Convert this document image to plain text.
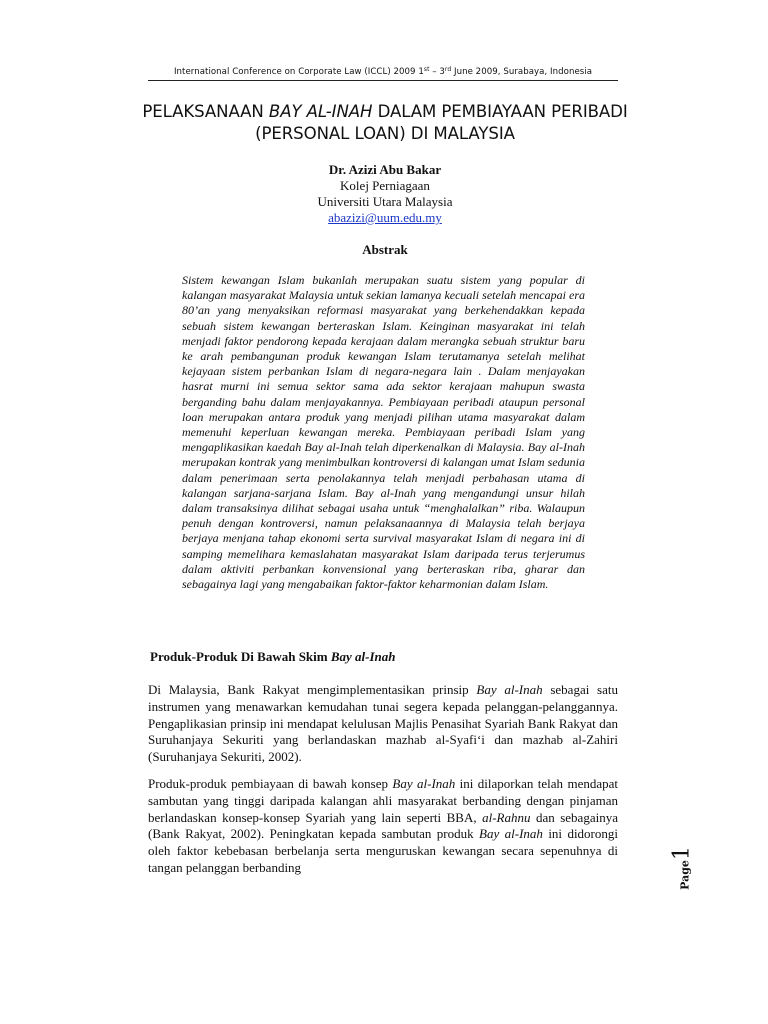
International Conference on Corporate Law (ICCL) 2009 1st – 3rd June 2009, Surabaya, Indonesia
PELAKSANAAN BAY AL-INAH DALAM PEMBIAYAAN PERIBADI (PERSONAL LOAN) DI MALAYSIA
Dr. Azizi Abu Bakar
Kolej Perniagaan
Universiti Utara Malaysia
abazizi@uum.edu.my
Abstrak
Sistem kewangan Islam bukanlah merupakan suatu sistem yang popular di kalangan masyarakat Malaysia untuk sekian lamanya kecuali setelah mencapai era 80’an yang menyaksikan reformasi masyarakat yang berkehendakkan kepada sebuah sistem kewangan berteraskan Islam. Keinginan masyarakat ini telah menjadi faktor pendorong kepada kerajaan dalam merangka sebuah struktur baru ke arah pembangunan produk kewangan Islam terutamanya setelah melihat kejayaan sistem perbankan Islam di negara-negara lain . Dalam menjayakan hasrat murni ini semua sektor sama ada sektor kerajaan mahupun swasta berganding bahu dalam menjayakannya. Pembiayaan peribadi ataupun personal loan merupakan antara produk yang menjadi pilihan utama masyarakat dalam memenuhi keperluan kewangan mereka. Pembiayaan peribadi Islam yang mengaplikasikan kaedah Bay al-Inah telah diperkenalkan di Malaysia. Bay al-Inah merupakan kontrak yang menimbulkan kontroversi di kalangan umat Islam sedunia dalam penerimaan serta penolakannya telah menjadi perbahasan utama di kalangan sarjana-sarjana Islam. Bay al-Inah yang mengandungi unsur hilah dalam transaksinya dilihat sebagai usaha untuk “menghalalkan” riba. Walaupun penuh dengan kontroversi, namun pelaksanaannya di Malaysia telah berjaya berjaya menjana tahap ekonomi serta survival masyarakat Islam di negara ini di samping memelihara kemaslahatan masyarakat Islam daripada terus terjerumus dalam aktiviti perbankan konvensional yang berteraskan riba, gharar dan sebagainya lagi yang mengabaikan faktor-faktor keharmonian dalam Islam.
Produk-Produk Di Bawah Skim Bay al-Inah
Di Malaysia, Bank Rakyat mengimplementasikan prinsip Bay al-Inah sebagai satu instrumen yang menawarkan kemudahan tunai segera kepada pelanggan-pelanggannya. Pengaplikasian prinsip ini mendapat kelulusan Majlis Penasihat Syariah Bank Rakyat dan Suruhanjaya Sekuriti yang berlandaskan mazhab al-Syafi‘i dan mazhab al-Zahiri (Suruhanjaya Sekuriti, 2002).
Produk-produk pembiayaan di bawah konsep Bay al-Inah ini dilaporkan telah mendapat sambutan yang tinggi daripada kalangan ahli masyarakat berbanding dengan pinjaman berlandaskan konsep-konsep Syariah yang lain seperti BBA, al-Rahnu dan sebagainya (Bank Rakyat, 2002). Peningkatan kepada sambutan produk Bay al-Inah ini didorongi oleh faktor kebebasan berbelanja serta menguruskan kewangan secara sepenuhnya di tangan pelanggan berbanding	Page1
